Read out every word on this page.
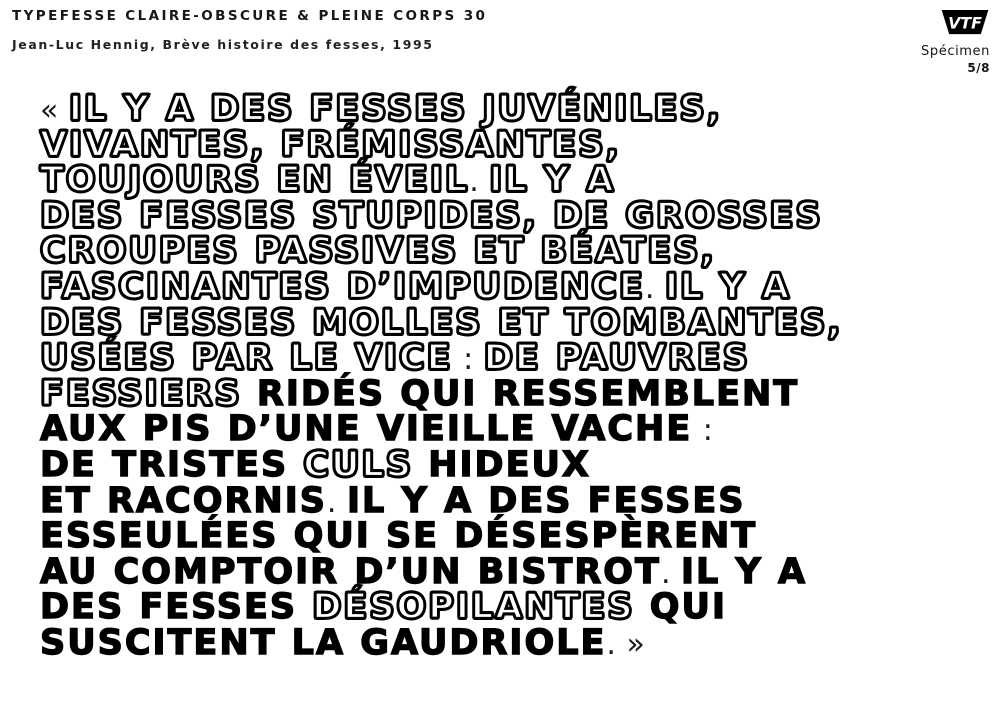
TYPEFESSE CLAIRE-OBSCURE & PLEINE CORPS 30
Jean-Luc Hennig, Brève histoire des fesses, 1995
VTF
Spécimen
5/8
« IL Y A DES FESSES JUVÉNILES,
VIVANTES, FRÉMISSANTES,
TOUJOURS EN ÉVEIL. IL Y A
DES FESSES STUPIDES, DE GROSSES
CROUPES PASSIVES ET BÉATES,
FASCINANTES D’IMPUDENCE. IL Y A
DES FESSES MOLLES ET TOMBANTES,
USÉES PAR LE VICE : DE PAUVRES
FESSIERS RIDÉS QUI RESSEMBLENT
AUX PIS D’UNE VIEILLE VACHE :
DE TRISTES CULS HIDEUX
ET RACORNIS. IL Y A DES FESSES
ESSEULÉES QUI SE DÉSESPÈRENT
AU COMPTOIR D’UN BISTROT. IL Y A
DES FESSES DÉSOPILANTES QUI
SUSCITENT LA GAUDRIOLE. »
